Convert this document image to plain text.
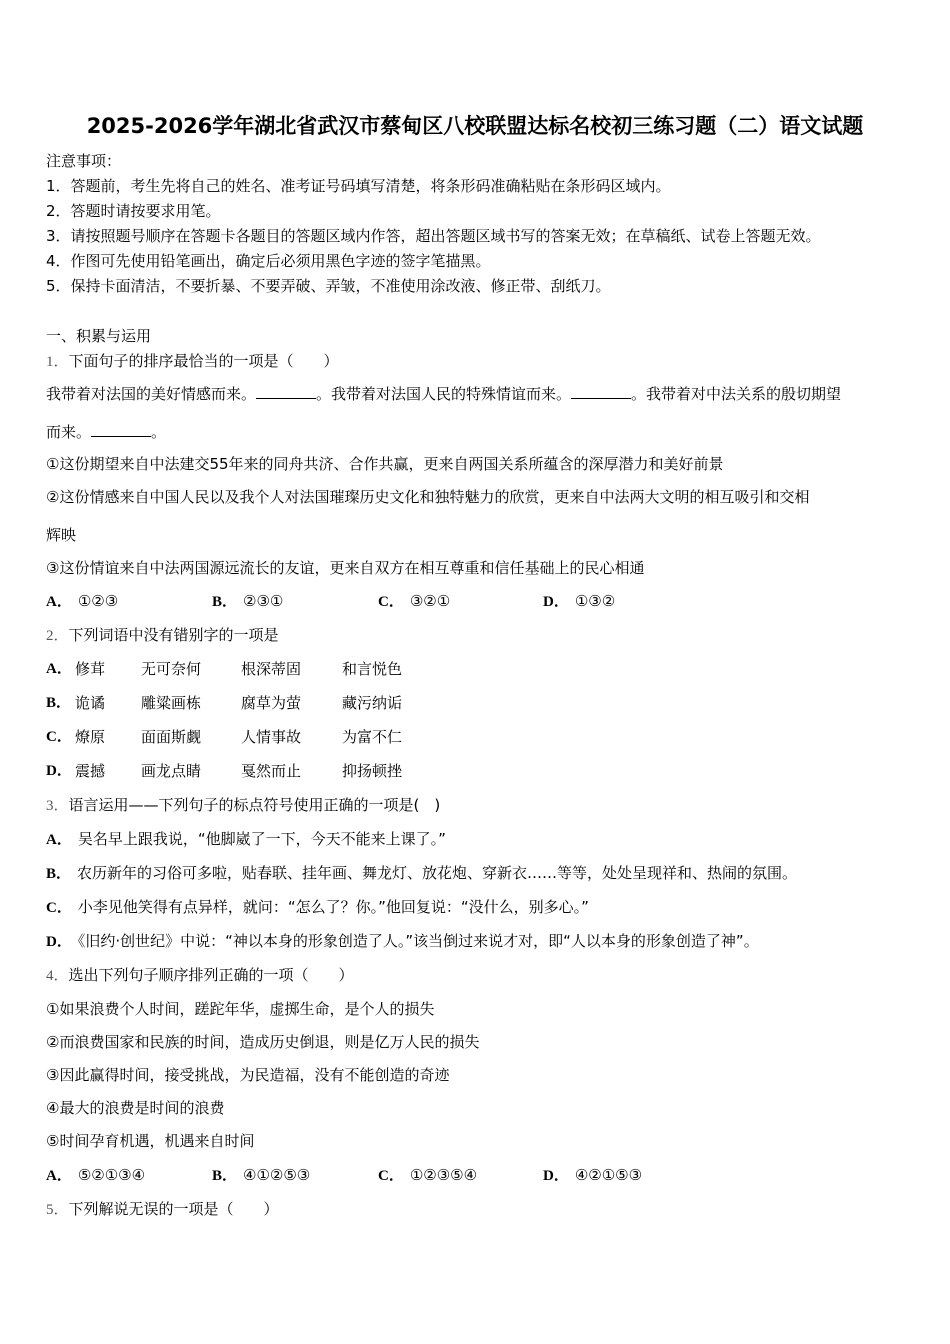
2025-2026学年湖北省武汉市蔡甸区八校联盟达标名校初三练习题（二）语文试题
注意事项：
1．答题前，考生先将自己的姓名、准考证号码填写清楚，将条形码准确粘贴在条形码区域内。
2．答题时请按要求用笔。
3．请按照题号顺序在答题卡各题目的答题区域内作答，超出答题区域书写的答案无效；在草稿纸、试卷上答题无效。
4．作图可先使用铅笔画出，确定后必须用黑色字迹的签字笔描黑。
5．保持卡面清洁，不要折暴、不要弄破、弄皱，不准使用涂改液、修正带、刮纸刀。
一、积累与运用
1．下面句子的排序最恰当的一项是（　　）
我带着对法国的美好情感而来。	。我带着对法国人民的特殊情谊而来。	。我带着对中法关系的殷切期望
而来。	。
①这份期望来自中法建交55年来的同舟共济、合作共赢，更来自两国关系所蕴含的深厚潜力和美好前景
②这份情感来自中国人民以及我个人对法国璀璨历史文化和独特魅力的欣赏，更来自中法两大文明的相互吸引和交相
辉映
③这份情谊来自中法两国源远流长的友谊，更来自双方在相互尊重和信任基础上的民心相通
A． ①②③	B． ②③①	C． ③②①	D． ①③②
2．下列词语中没有错别字的一项是
A． 修茸 无可奈何	根深蒂固	和言悦色
B． 诡谲 雕粱画栋	腐草为萤	藏污纳诟
C． 燎原 面面斯觑	人情事故	为富不仁
D． 震撼 画龙点睛	戛然而止	抑扬顿挫
3．语言运用——下列句子的标点符号使用正确的一项是(　)
A． 吴名早上跟我说，“他脚崴了一下，今天不能来上课了。”
B． 农历新年的习俗可多啦，贴春联、挂年画、舞龙灯、放花炮、穿新衣……等等，处处呈现祥和、热闹的氛围。
C． 小李见他笑得有点异样，就问：“怎么了？你。”他回复说：“没什么，别多心。”
D． 《旧约·创世纪》中说：“神以本身的形象创造了人。”该当倒过来说才对，即“人以本身的形象创造了神”。
4．选出下列句子顺序排列正确的一项（　　）
①如果浪费个人时间，蹉跎年华，虚掷生命，是个人的损失
②而浪费国家和民族的时间，造成历史倒退，则是亿万人民的损失
③因此赢得时间，接受挑战，为民造福，没有不能创造的奇迹
④最大的浪费是时间的浪费
⑤时间孕育机遇，机遇来自时间
A． ⑤②①③④	B． ④①②⑤③	C． ①②③⑤④	D． ④②①⑤③
5．下列解说无误的一项是（　　）
